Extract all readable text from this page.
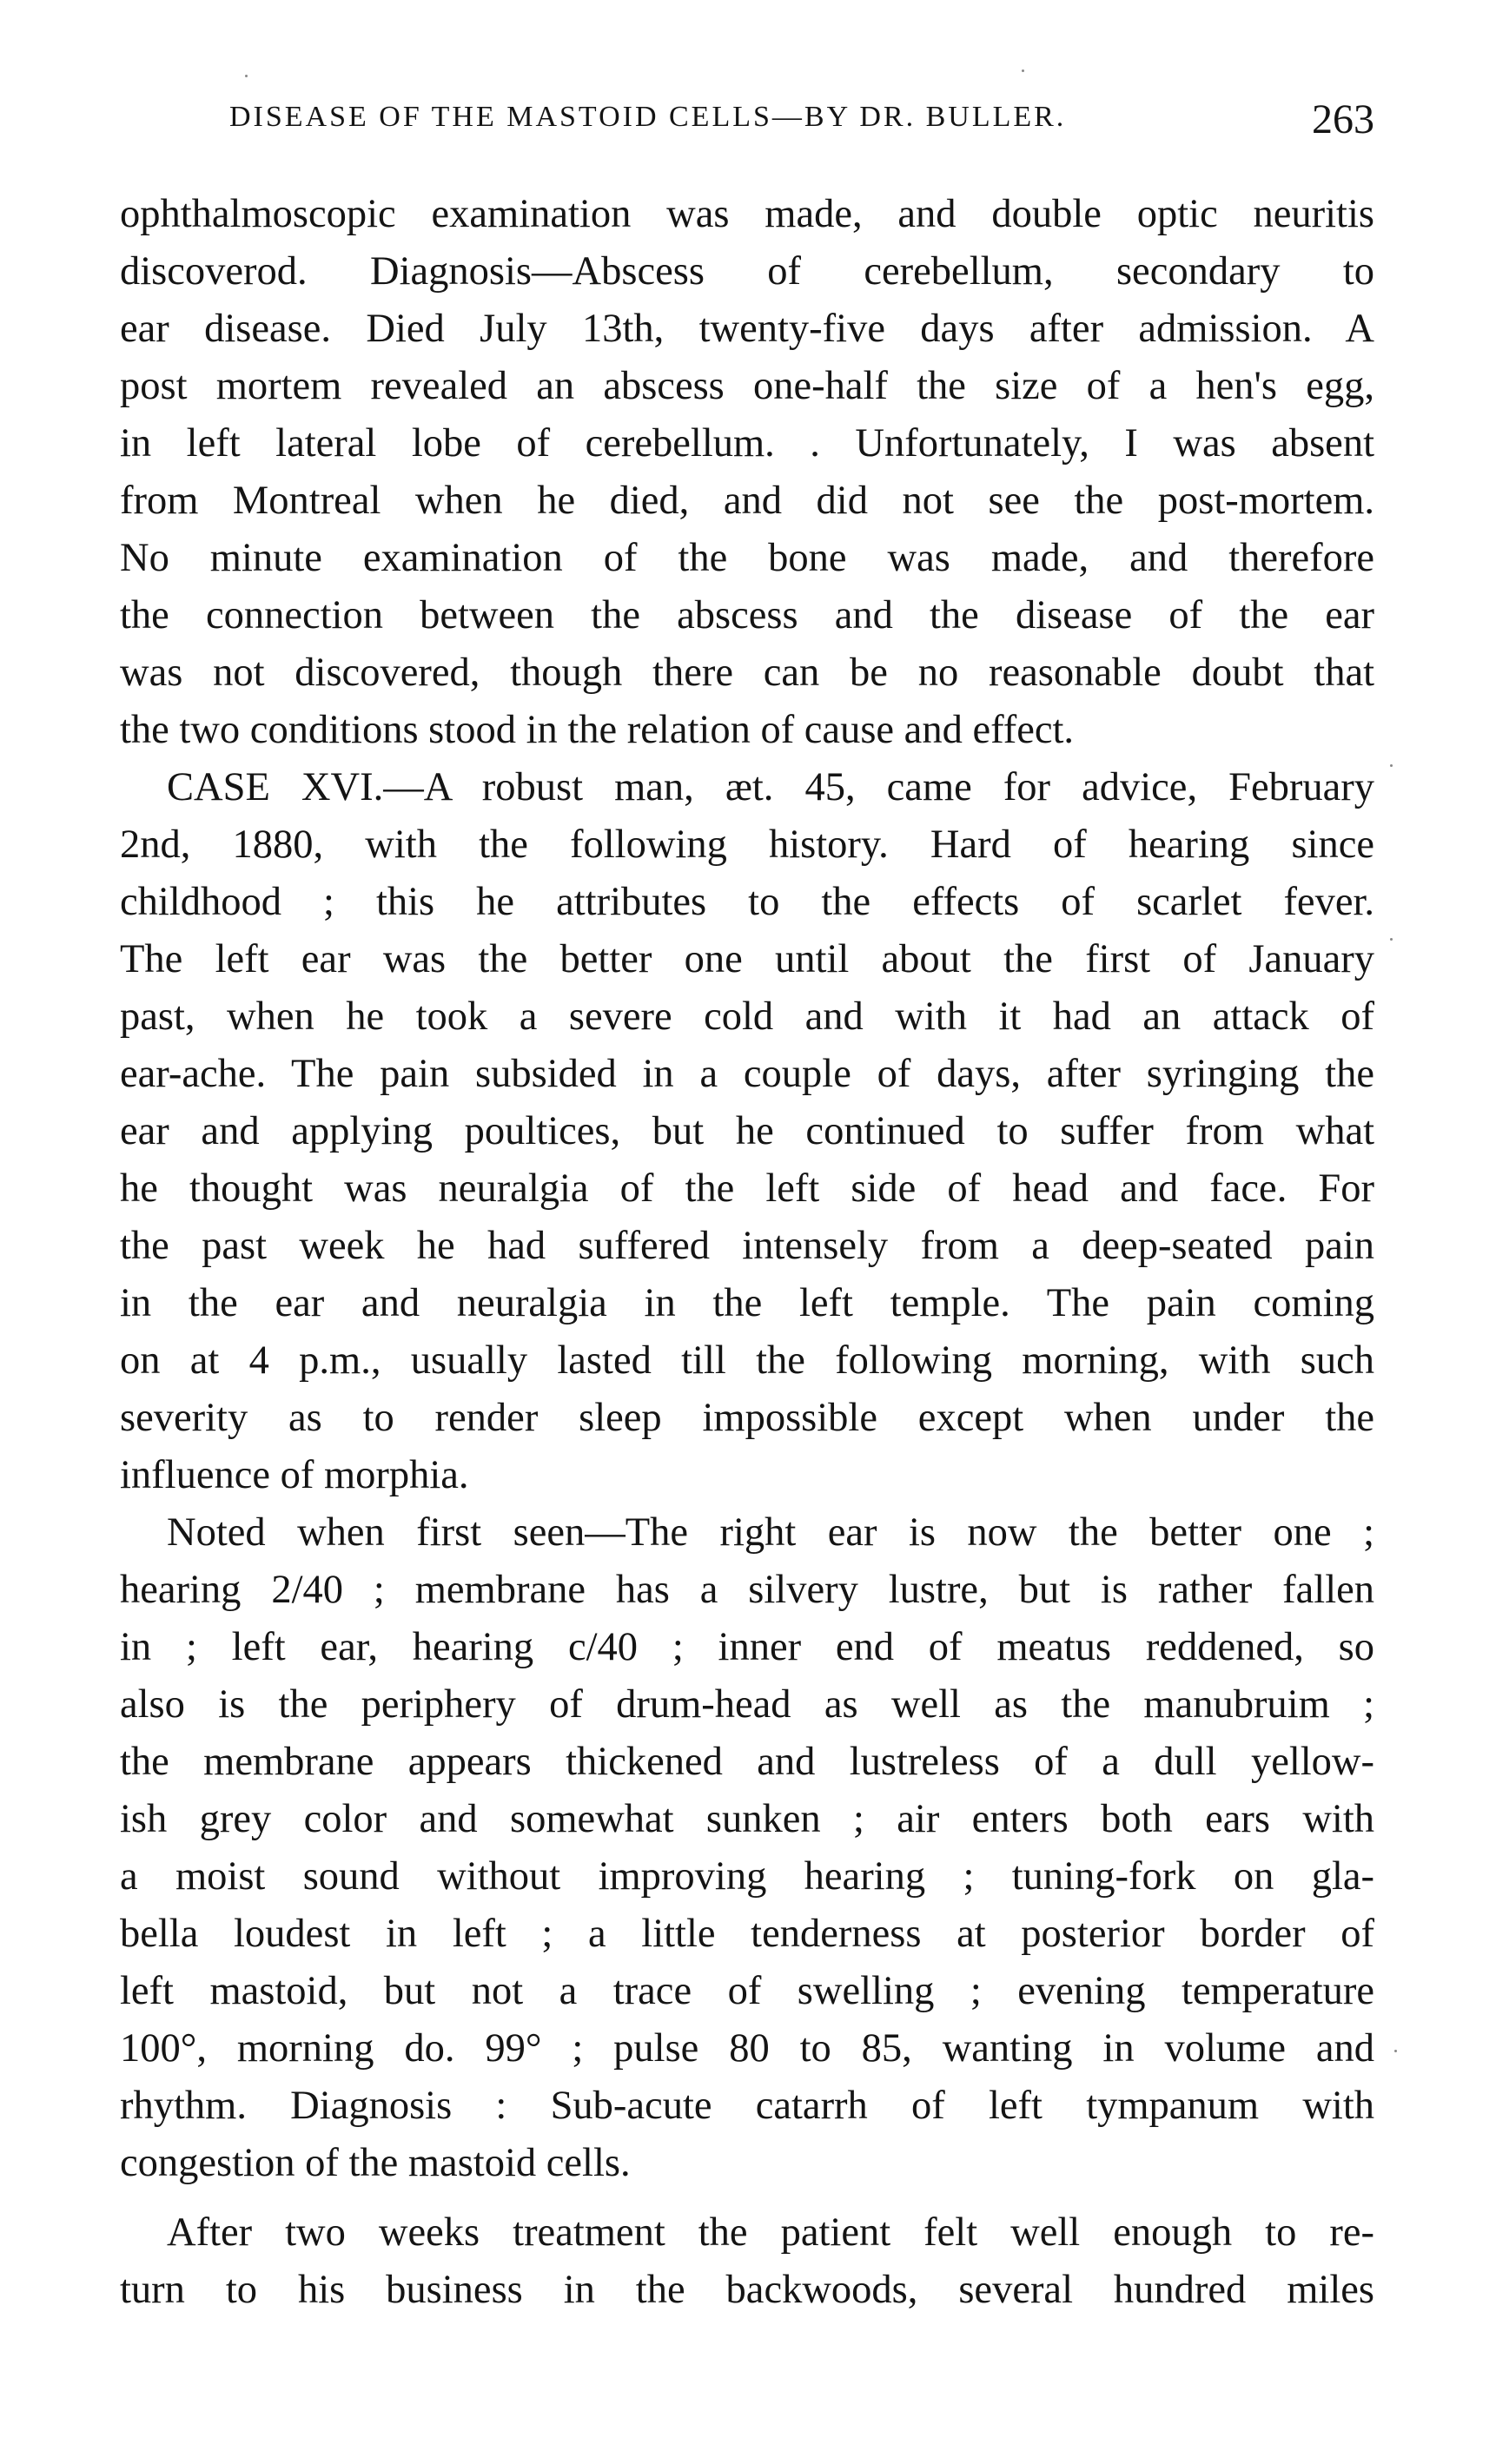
DISEASE OF THE MASTOID CELLS—BY DR. BULLER.	263
ophthalmoscopic examination was made, and double optic neuritis
discoverod. Diagnosis—Abscess of cerebellum, secondary to
ear disease. Died July 13th, twenty-five days after admission. A
post mortem revealed an abscess one-half the size of a hen's egg,
in left lateral lobe of cerebellum. . Unfortunately, I was absent
from Montreal when he died, and did not see the post-mortem.
No minute examination of the bone was made, and therefore
the connection between the abscess and the disease of the ear
was not discovered, though there can be no reasonable doubt that
the two conditions stood in the relation of cause and effect.
CASE XVI.—A robust man, æt. 45, came for advice, February
2nd, 1880, with the following history. Hard of hearing since
childhood ; this he attributes to the effects of scarlet fever.
The left ear was the better one until about the first of January
past, when he took a severe cold and with it had an attack of
ear-ache. The pain subsided in a couple of days, after syringing the
ear and applying poultices, but he continued to suffer from what
he thought was neuralgia of the left side of head and face. For
the past week he had suffered intensely from a deep-seated pain
in the ear and neuralgia in the left temple. The pain coming
on at 4 p.m., usually lasted till the following morning, with such
severity as to render sleep impossible except when under the
influence of morphia.
Noted when first seen—The right ear is now the better one ;
hearing 2/40 ; membrane has a silvery lustre, but is rather fallen
in ; left ear, hearing c/40 ; inner end of meatus reddened, so
also is the periphery of drum-head as well as the manubruim ;
the membrane appears thickened and lustreless of a dull yellow-
ish grey color and somewhat sunken ; air enters both ears with
a moist sound without improving hearing ; tuning-fork on gla-
bella loudest in left ; a little tenderness at posterior border of
left mastoid, but not a trace of swelling ; evening temperature
100°, morning do. 99° ; pulse 80 to 85, wanting in volume and
rhythm. Diagnosis : Sub-acute catarrh of left tympanum with
congestion of the mastoid cells.
After two weeks treatment the patient felt well enough to re-
turn to his business in the backwoods, several hundred miles
